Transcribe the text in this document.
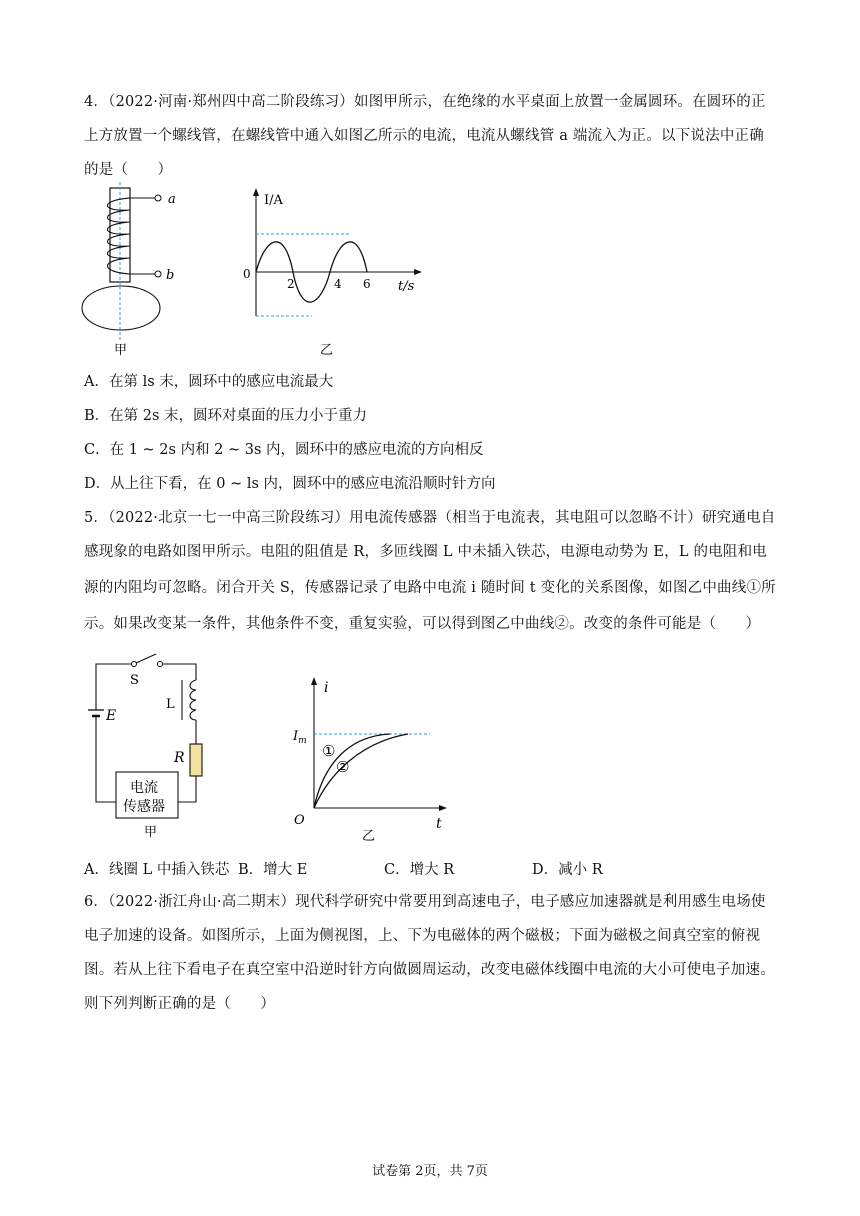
4．（2022·河南·郑州四中高二阶段练习）如图甲所示，在绝缘的水平桌面上放置一金属圆环。在圆环的正
上方放置一个螺线管，在螺线管中通入如图乙所示的电流，电流从螺线管 a 端流入为正。以下说法中正确
的是（　　）
a
b
甲
I/A
t/s
0
2	4 6
乙
A．在第 ls 末，圆环中的感应电流最大
B．在第 2s 末，圆环对桌面的压力小于重力
C．在 1 ~ 2s 内和 2 ~ 3s 内，圆环中的感应电流的方向相反
D．从上往下看，在 0 ~ ls 内，圆环中的感应电流沿顺时针方向
5．（2022·北京一七一中高三阶段练习）用电流传感器（相当于电流表，其电阻可以忽略不计）研究通电自
感现象的电路如图甲所示。电阻的阻值是 R，多匝线圈 L 中未插入铁芯，电源电动势为 E，L 的电阻和电
源的内阻均可忽略。闭合开关 S，传感器记录了电路中电流 i 随时间 t 变化的关系图像，如图乙中曲线①所
示。如果改变某一条件，其他条件不变，重复实验，可以得到图乙中曲线②。改变的条件可能是（　　）
S
E
L
R
电流
传感器
甲
i
t
O
$I_m$
①
②
乙
A．线圈 L 中插入铁芯 B．增大 E	C．增大 R	D．减小 R
6．（2022·浙江舟山·高二期末）现代科学研究中常要用到高速电子，电子感应加速器就是利用感生电场使
电子加速的设备。如图所示，上面为侧视图，上、下为电磁体的两个磁极；下面为磁极之间真空室的俯视
图。若从上往下看电子在真空室中沿逆时针方向做圆周运动，改变电磁体线圈中电流的大小可使电子加速。
则下列判断正确的是（　　）
试卷第 2页，共 7页
